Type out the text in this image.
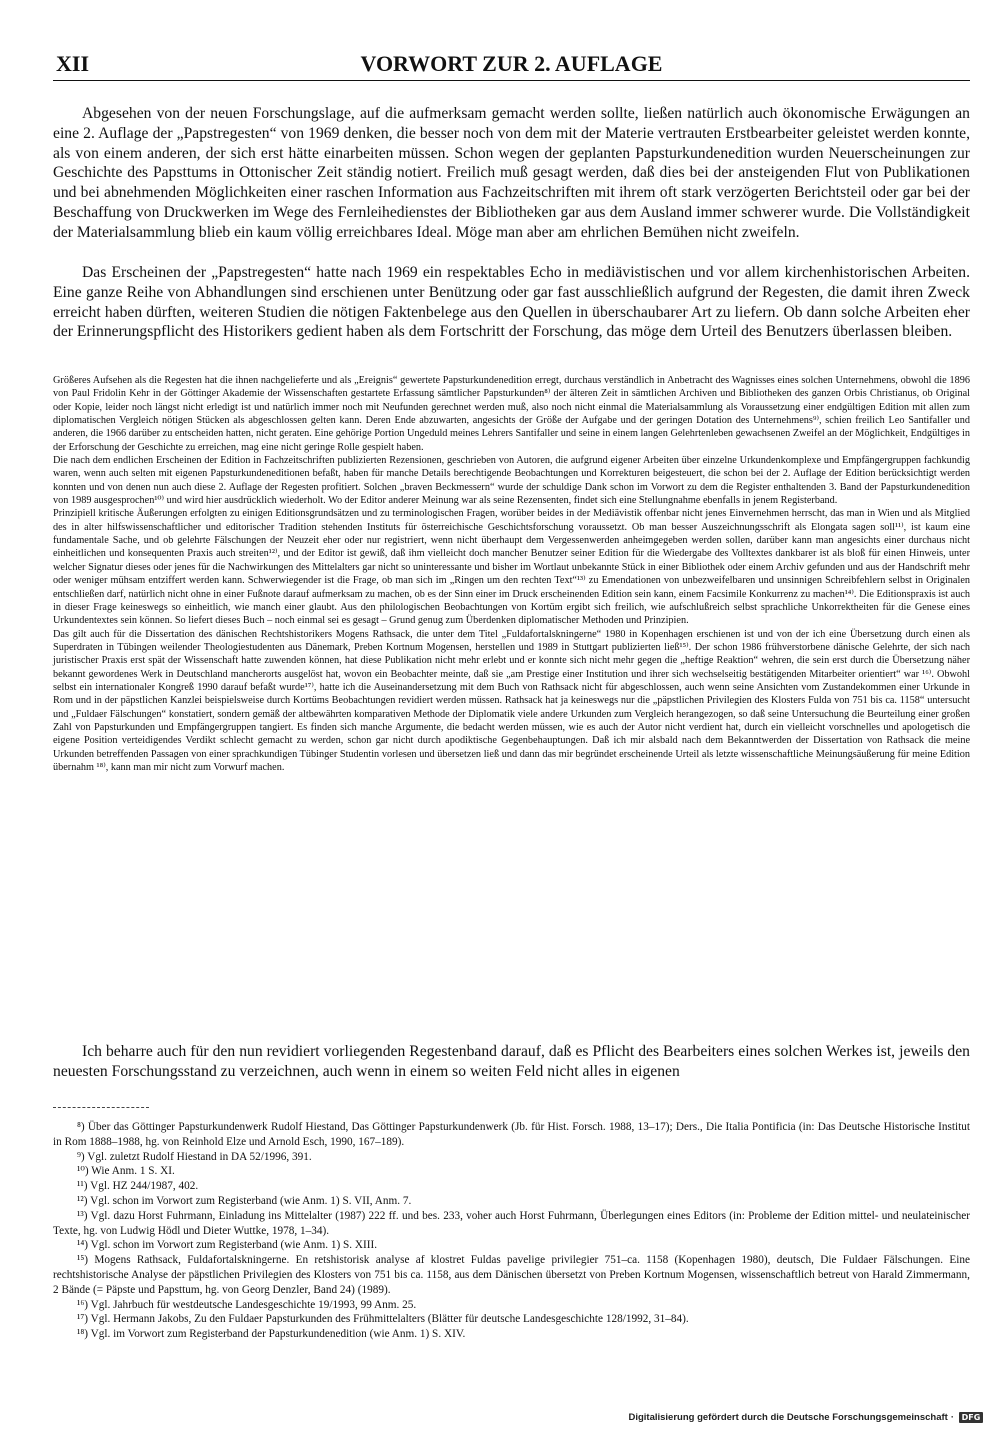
XII	VORWORT ZUR 2. AUFLAGE

Abgesehen von der neuen Forschungslage, auf die aufmerksam gemacht werden sollte, ließen natürlich auch ökonomische Erwägungen an eine 2. Auflage der „Papstregesten“ von 1969 denken, die besser noch von dem mit der Materie vertrauten Erstbearbeiter geleistet werden konnte, als von einem anderen, der sich erst hätte einarbeiten müssen. Schon wegen der geplanten Papsturkundenedition wurden Neuerscheinungen zur Geschichte des Papsttums in Ottonischer Zeit ständig notiert. Freilich muß gesagt werden, daß dies bei der ansteigenden Flut von Publikationen und bei abnehmenden Möglichkeiten einer raschen Information aus Fachzeitschriften mit ihrem oft stark verzögerten Berichtsteil oder gar bei der Beschaffung von Druckwerken im Wege des Fernleihedienstes der Bibliotheken gar aus dem Ausland immer schwerer wurde. Die Vollständigkeit der Materialsammlung blieb ein kaum völlig erreichbares Ideal. Möge man aber am ehrlichen Bemühen nicht zweifeln.

Das Erscheinen der „Papstregesten“ hatte nach 1969 ein respektables Echo in mediävistischen und vor allem kirchenhistorischen Arbeiten. Eine ganze Reihe von Abhandlungen sind erschienen unter Benützung oder gar fast ausschließlich aufgrund der Regesten, die damit ihren Zweck erreicht haben dürften, weiteren Studien die nötigen Faktenbelege aus den Quellen in überschaubarer Art zu liefern. Ob dann solche Arbeiten eher der Erinnerungspflicht des Historikers gedient haben als dem Fortschritt der Forschung, das möge dem Urteil des Benutzers überlassen bleiben.

Größeres Aufsehen als die Regesten hat die ihnen nachgelieferte und als „Ereignis“ gewertete Papsturkundenedition erregt, durchaus verständlich in Anbetracht des Wagnisses eines solchen Unternehmens, obwohl die 1896 von Paul Fridolin Kehr in der Göttinger Akademie der Wissenschaften gestartete Erfassung sämtlicher Papsturkunden⁸⁾ der älteren Zeit in sämtlichen Archiven und Bibliotheken des ganzen Orbis Christianus, ob Original oder Kopie, leider noch längst nicht erledigt ist und natürlich immer noch mit Neufunden gerechnet werden muß, also noch nicht einmal die Materialsammlung als Voraussetzung einer endgültigen Edition mit allen zum diplomatischen Vergleich nötigen Stücken als abgeschlossen gelten kann. Deren Ende abzuwarten, angesichts der Größe der Aufgabe und der geringen Dotation des Unternehmens⁹⁾, schien freilich Leo Santifaller und anderen, die 1966 darüber zu entscheiden hatten, nicht geraten. Eine gehörige Portion Ungeduld meines Lehrers Santifaller und seine in einem langen Gelehrtenleben gewachsenen Zweifel an der Möglichkeit, Endgültiges in der Erforschung der Geschichte zu erreichen, mag eine nicht geringe Rolle gespielt haben.

Die nach dem endlichen Erscheinen der Edition in Fachzeitschriften publizierten Rezensionen, geschrieben von Autoren, die aufgrund eigener Arbeiten über einzelne Urkundenkomplexe und Empfängergruppen fachkundig waren, wenn auch selten mit eigenen Papsturkundeneditionen befaßt, haben für manche Details berechtigende Beobachtungen und Korrekturen beigesteuert, die schon bei der 2. Auflage der Edition berücksichtigt werden konnten und von denen nun auch diese 2. Auflage der Regesten profitiert. Solchen „braven Beckmessern“ wurde der schuldige Dank schon im Vorwort zu dem die Register enthaltenden 3. Band der Papsturkundenedition von 1989 ausgesprochen¹⁰⁾ und wird hier ausdrücklich wiederholt. Wo der Editor anderer Meinung war als seine Rezensenten, findet sich eine Stellungnahme ebenfalls in jenem Registerband.

Prinzipiell kritische Äußerungen erfolgten zu einigen Editionsgrundsätzen und zu terminologischen Fragen, worüber beides in der Mediävistik offenbar nicht jenes Einvernehmen herrscht, das man in Wien und als Mitglied des in alter hilfswissenschaftlicher und editorischer Tradition stehenden Instituts für österreichische Geschichtsforschung voraussetzt. Ob man besser Auszeichnungsschrift als Elongata sagen soll¹¹⁾, ist kaum eine fundamentale Sache, und ob gelehrte Fälschungen der Neuzeit eher oder nur registriert, wenn nicht überhaupt dem Vergessenwerden anheimgegeben werden sollen, darüber kann man angesichts einer durchaus nicht einheitlichen und konsequenten Praxis auch streiten¹²⁾, und der Editor ist gewiß, daß ihm vielleicht doch mancher Benutzer seiner Edition für die Wiedergabe des Volltextes dankbarer ist als bloß für einen Hinweis, unter welcher Signatur dieses oder jenes für die Nachwirkungen des Mittelalters gar nicht so uninteressante und bisher im Wortlaut unbekannte Stück in einer Bibliothek oder einem Archiv gefunden und aus der Handschrift mehr oder weniger mühsam entziffert werden kann. Schwerwiegender ist die Frage, ob man sich im „Ringen um den rechten Text“¹³⁾ zu Emendationen von unbezweifelbaren und unsinnigen Schreibfehlern selbst in Originalen entschließen darf, natürlich nicht ohne in einer Fußnote darauf aufmerksam zu machen, ob es der Sinn einer im Druck erscheinenden Edition sein kann, einem Facsimile Konkurrenz zu machen¹⁴⁾. Die Editionspraxis ist auch in dieser Frage keineswegs so einheitlich, wie manch einer glaubt. Aus den philologischen Beobachtungen von Kortüm ergibt sich freilich, wie aufschlußreich selbst sprachliche Unkorrektheiten für die Genese eines Urkundentextes sein können. So liefert dieses Buch – noch einmal sei es gesagt – Grund genug zum Überdenken diplomatischer Methoden und Prinzipien.

Das gilt auch für die Dissertation des dänischen Rechtshistorikers Mogens Rathsack, die unter dem Titel „Fuldafortalskningerne“ 1980 in Kopenhagen erschienen ist und von der ich eine Übersetzung durch einen als Superdraten in Tübingen weilender Theologiestudenten aus Dänemark, Preben Kortnum Mogensen, herstellen und 1989 in Stuttgart publizierten ließ¹⁵⁾. Der schon 1986 frühverstorbene dänische Gelehrte, der sich nach juristischer Praxis erst spät der Wissenschaft hatte zuwenden können, hat diese Publikation nicht mehr erlebt und er konnte sich nicht mehr gegen die „heftige Reaktion“ wehren, die sein erst durch die Übersetzung näher bekannt gewordenes Werk in Deutschland mancherorts ausgelöst hat, wovon ein Beobachter meinte, daß sie „am Prestige einer Institution und ihrer sich wechselseitig bestätigenden Mitarbeiter orientiert“ war ¹⁶⁾. Obwohl selbst ein internationaler Kongreß 1990 darauf befaßt wurde¹⁷⁾, hatte ich die Auseinandersetzung mit dem Buch von Rathsack nicht für abgeschlossen, auch wenn seine Ansichten vom Zustandekommen einer Urkunde in Rom und in der päpstlichen Kanzlei beispielsweise durch Kortüms Beobachtungen revidiert werden müssen. Rathsack hat ja keineswegs nur die „päpstlichen Privilegien des Klosters Fulda von 751 bis ca. 1158“ untersucht und „Fuldaer Fälschungen“ konstatiert, sondern gemäß der altbewährten komparativen Methode der Diplomatik viele andere Urkunden zum Vergleich herangezogen, so daß seine Untersuchung die Beurteilung einer großen Zahl von Papsturkunden und Empfängergruppen tangiert. Es finden sich manche Argumente, die bedacht werden müssen, wie es auch der Autor nicht verdient hat, durch ein vielleicht vorschnelles und apologetisch die eigene Position verteidigendes Verdikt schlecht gemacht zu werden, schon gar nicht durch apodiktische Gegenbehauptungen. Daß ich mir alsbald nach dem Bekanntwerden der Dissertation von Rathsack die meine Urkunden betreffenden Passagen von einer sprachkundigen Tübinger Studentin vorlesen und übersetzen ließ und dann das mir begründet erscheinende Urteil als letzte wissenschaftliche Meinungsäußerung für meine Edition übernahm ¹⁸⁾, kann man mir nicht zum Vorwurf machen.

Ich beharre auch für den nun revidiert vorliegenden Regestenband darauf, daß es Pflicht des Bearbeiters eines solchen Werkes ist, jeweils den neuesten Forschungsstand zu verzeichnen, auch wenn in einem so weiten Feld nicht alles in eigenen

⁸) Über das Göttinger Papsturkundenwerk Rudolf Hiestand, Das Göttinger Papsturkundenwerk (Jb. für Hist. Forsch. 1988, 13–17); Ders., Die Italia Pontificia (in: Das Deutsche Historische Institut in Rom 1888–1988, hg. von Reinhold Elze und Arnold Esch, 1990, 167–189).

⁹) Vgl. zuletzt Rudolf Hiestand in DA 52/1996, 391.

¹⁰) Wie Anm. 1 S. XI.

¹¹) Vgl. HZ 244/1987, 402.

¹²) Vgl. schon im Vorwort zum Registerband (wie Anm. 1) S. VII, Anm. 7.

¹³) Vgl. dazu Horst Fuhrmann, Einladung ins Mittelalter (1987) 222 ff. und bes. 233, voher auch Horst Fuhrmann, Überlegungen eines Editors (in: Probleme der Edition mittel- und neulateinischer Texte, hg. von Ludwig Hödl und Dieter Wuttke, 1978, 1–34).

¹⁴) Vgl. schon im Vorwort zum Registerband (wie Anm. 1) S. XIII.

¹⁵) Mogens Rathsack, Fuldafortalskningerne. En retshistorisk analyse af klostret Fuldas pavelige privilegier 751–ca. 1158 (Kopenhagen 1980), deutsch, Die Fuldaer Fälschungen. Eine rechtshistorische Analyse der päpstlichen Privilegien des Klosters von 751 bis ca. 1158, aus dem Dänischen übersetzt von Preben Kortnum Mogensen, wissenschaftlich betreut von Harald Zimmermann, 2 Bände (= Päpste und Papsttum, hg. von Georg Denzler, Band 24) (1989).

¹⁶) Vgl. Jahrbuch für westdeutsche Landesgeschichte 19/1993, 99 Anm. 25.

¹⁷) Vgl. Hermann Jakobs, Zu den Fuldaer Papsturkunden des Frühmittelalters (Blätter für deutsche Landesgeschichte 128/1992, 31–84).

¹⁸) Vgl. im Vorwort zum Registerband der Papsturkundenedition (wie Anm. 1) S. XIV.

Digitalisierung gefördert durch die Deutsche Forschungsgemeinschaft · DFG
